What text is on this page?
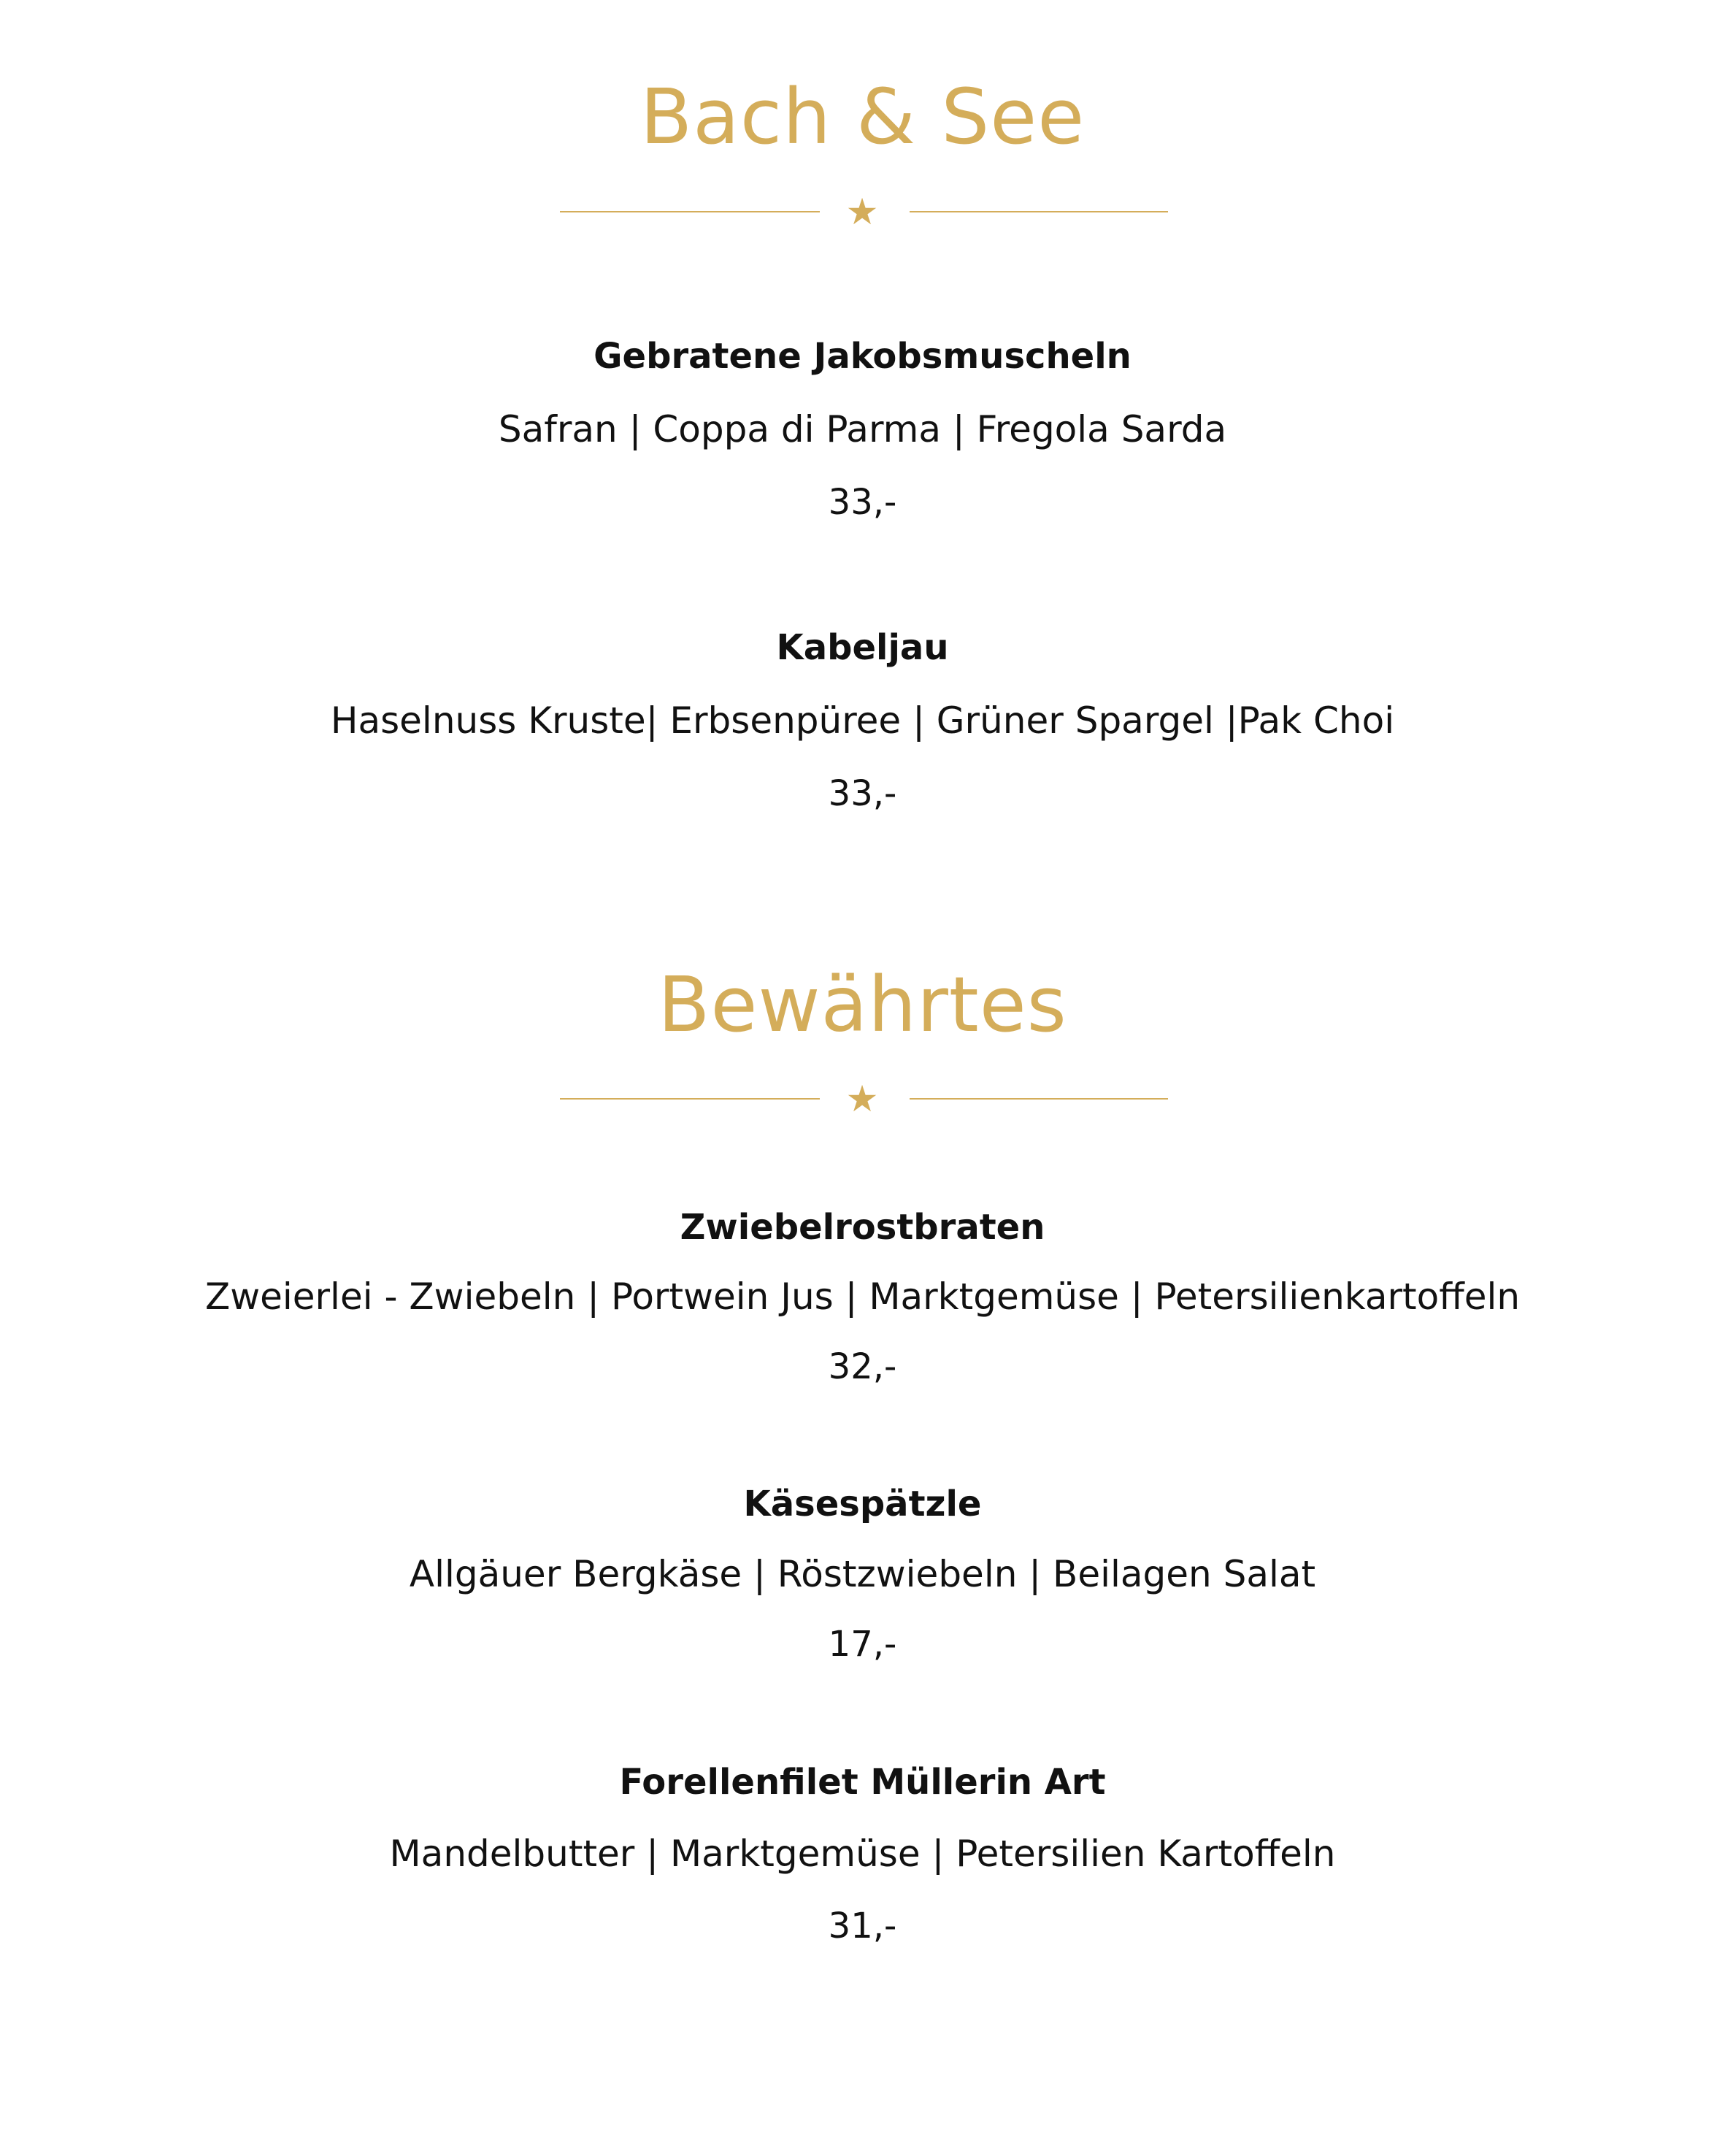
Bach & See
★
Gebratene Jakobsmuscheln
Safran | Coppa di Parma | Fregola Sarda
33,-
Kabeljau
Haselnuss Kruste| Erbsenpüree | Grüner Spargel |Pak Choi
33,-
Bewährtes
★
Zwiebelrostbraten
Zweierlei - Zwiebeln | Portwein Jus | Marktgemüse | Petersilienkartoffeln
32,-
Käsespätzle
Allgäuer Bergkäse | Röstzwiebeln | Beilagen Salat
17,-
Forellenfilet Müllerin Art
Mandelbutter | Marktgemüse | Petersilien Kartoffeln
31,-
